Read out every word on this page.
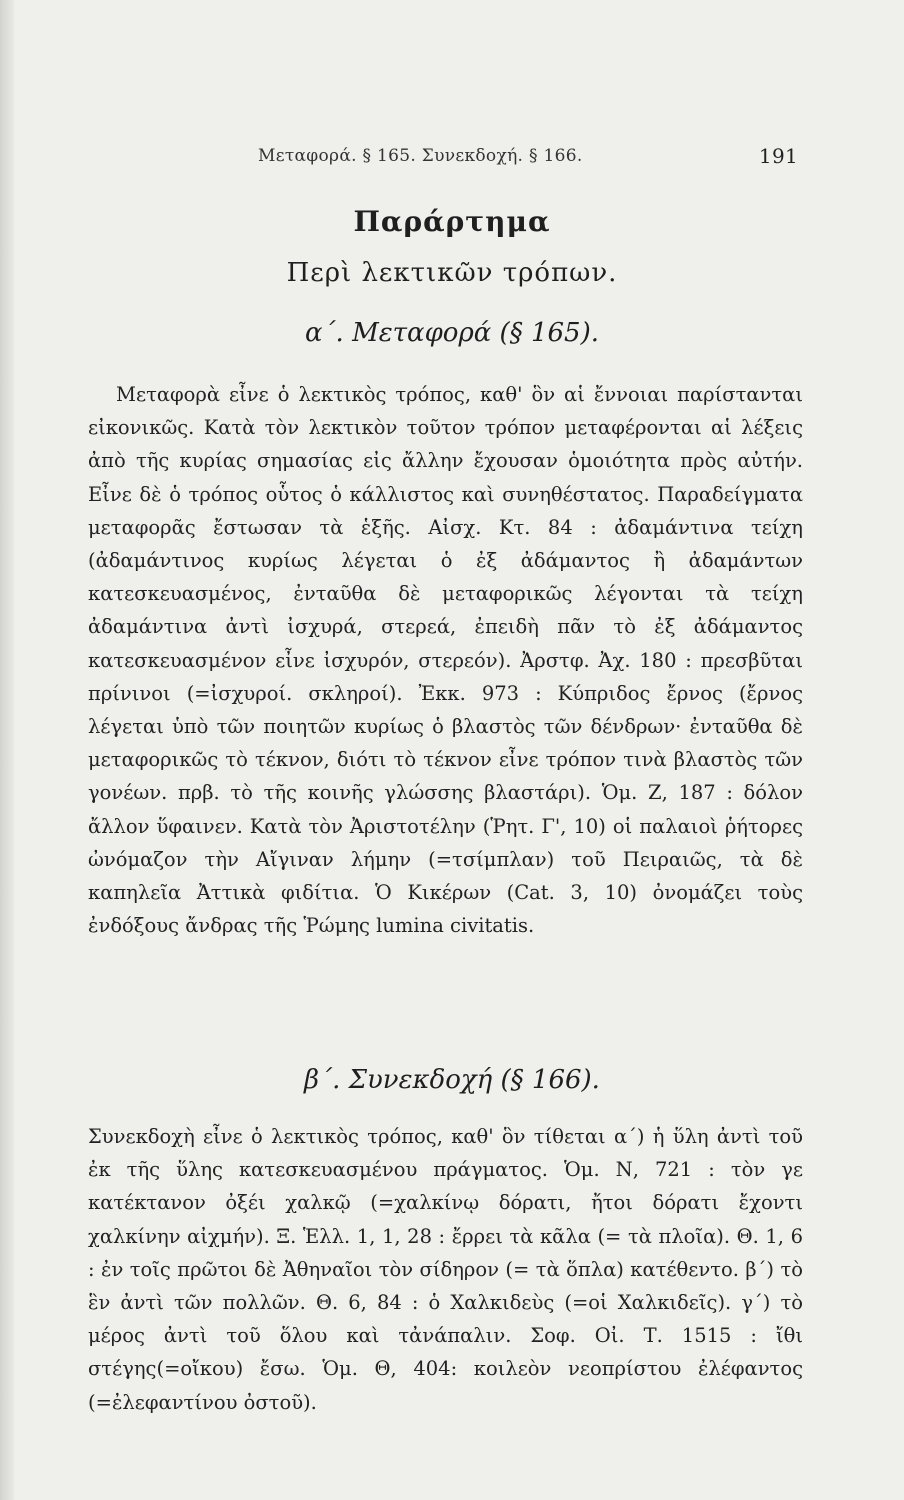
Μεταφορά. § 165. Συνεκδοχή. § 166.	191
Παράρτημα
Περὶ λεκτικῶν τρόπων.
α΄. Μεταφορά (§ 165).
Μεταφορὰ εἶνε ὁ λεκτικὸς τρόπος, καθ' ὃν αἱ ἔννοιαι παρίστανται εἰκονικῶς. Κατὰ τὸν λεκτικὸν τοῦτον τρόπον μεταφέρονται αἱ λέξεις ἀπὸ τῆς κυρίας σημασίας εἰς ἄλλην ἔχουσαν ὁμοιότητα πρὸς αὐτήν. Εἶνε δὲ ὁ τρόπος οὗτος ὁ κάλλιστος καὶ συνηθέστατος. Παραδείγματα μεταφορᾶς ἔστωσαν τὰ ἑξῆς. Αἰσχ. Κτ. 84 : ἀδαμάντινα τείχη (ἀδαμάντινος κυρίως λέγεται ὁ ἐξ ἀδάμαντος ἢ ἀδαμάντων κατεσκευασμένος, ἐνταῦθα δὲ μεταφορικῶς λέγονται τὰ τείχη ἀδαμάντινα ἀντὶ ἰσχυρά, στερεά, ἐπειδὴ πᾶν τὸ ἐξ ἀδάμαντος κατεσκευασμένον εἶνε ἰσχυρόν, στερεόν). Ἀρστφ. Ἀχ. 180 : πρεσβῦται πρίνινοι (=ἰσχυροί. σκληροί). Ἐκκ. 973 : Κύπριδος ἔρνος (ἔρνος λέγεται ὑπὸ τῶν ποιητῶν κυρίως ὁ βλαστὸς τῶν δένδρων· ἐνταῦθα δὲ μεταφορικῶς τὸ τέκνον, διότι τὸ τέκνον εἶνε τρόπον τινὰ βλαστὸς τῶν γονέων. πρβ. τὸ τῆς κοινῆς γλώσσης βλαστάρι). Ὁμ. Ζ, 187 : δόλον ἄλλον ὕφαινεν. Κατὰ τὸν Ἀριστοτέλην (Ῥητ. Γ', 10) οἱ παλαιοὶ ῥήτορες ὠνόμαζον τὴν Αἴγιναν λήμην (=τσίμπλαν) τοῦ Πειραιῶς, τὰ δὲ καπηλεῖα Ἀττικὰ φιδίτια. Ὁ Κικέρων (Cat. 3, 10) ὀνομάζει τοὺς ἐνδόξους ἄνδρας τῆς Ῥώμης lumina civitatis.
β΄. Συνεκδοχή (§ 166).
Συνεκδοχὴ εἶνε ὁ λεκτικὸς τρόπος, καθ' ὃν τίθεται α΄) ἡ ὕλη ἀντὶ τοῦ ἐκ τῆς ὕλης κατεσκευασμένου πράγματος. Ὁμ. Ν, 721 : τὸν γε κατέκτανον ὀξέι χαλκῷ (=χαλκίνῳ δόρατι, ἤτοι δόρατι ἔχοντι χαλκίνην αἰχμήν). Ξ. Ἑλλ. 1, 1, 28 : ἔρρει τὰ κᾶλα (= τὰ πλοῖα). Θ. 1, 6 : ἐν τοῖς πρῶτοι δὲ Ἀθηναῖοι τὸν σίδηρον (= τὰ ὅπλα) κατέθεντο. β΄) τὸ ἓν ἀντὶ τῶν πολλῶν. Θ. 6, 84 : ὁ Χαλκιδεὺς (=οἱ Χαλκιδεῖς). γ΄) τὸ μέρος ἀντὶ τοῦ ὅλου καὶ τἀνάπαλιν. Σοφ. Οἰ. Τ. 1515 : ἴθι στέγης(=οἴκου) ἔσω. Ὁμ. Θ, 404: κοιλεὸν νεοπρίστου ἐλέφαντος (=ἐλεφαντίνου ὀστοῦ).
